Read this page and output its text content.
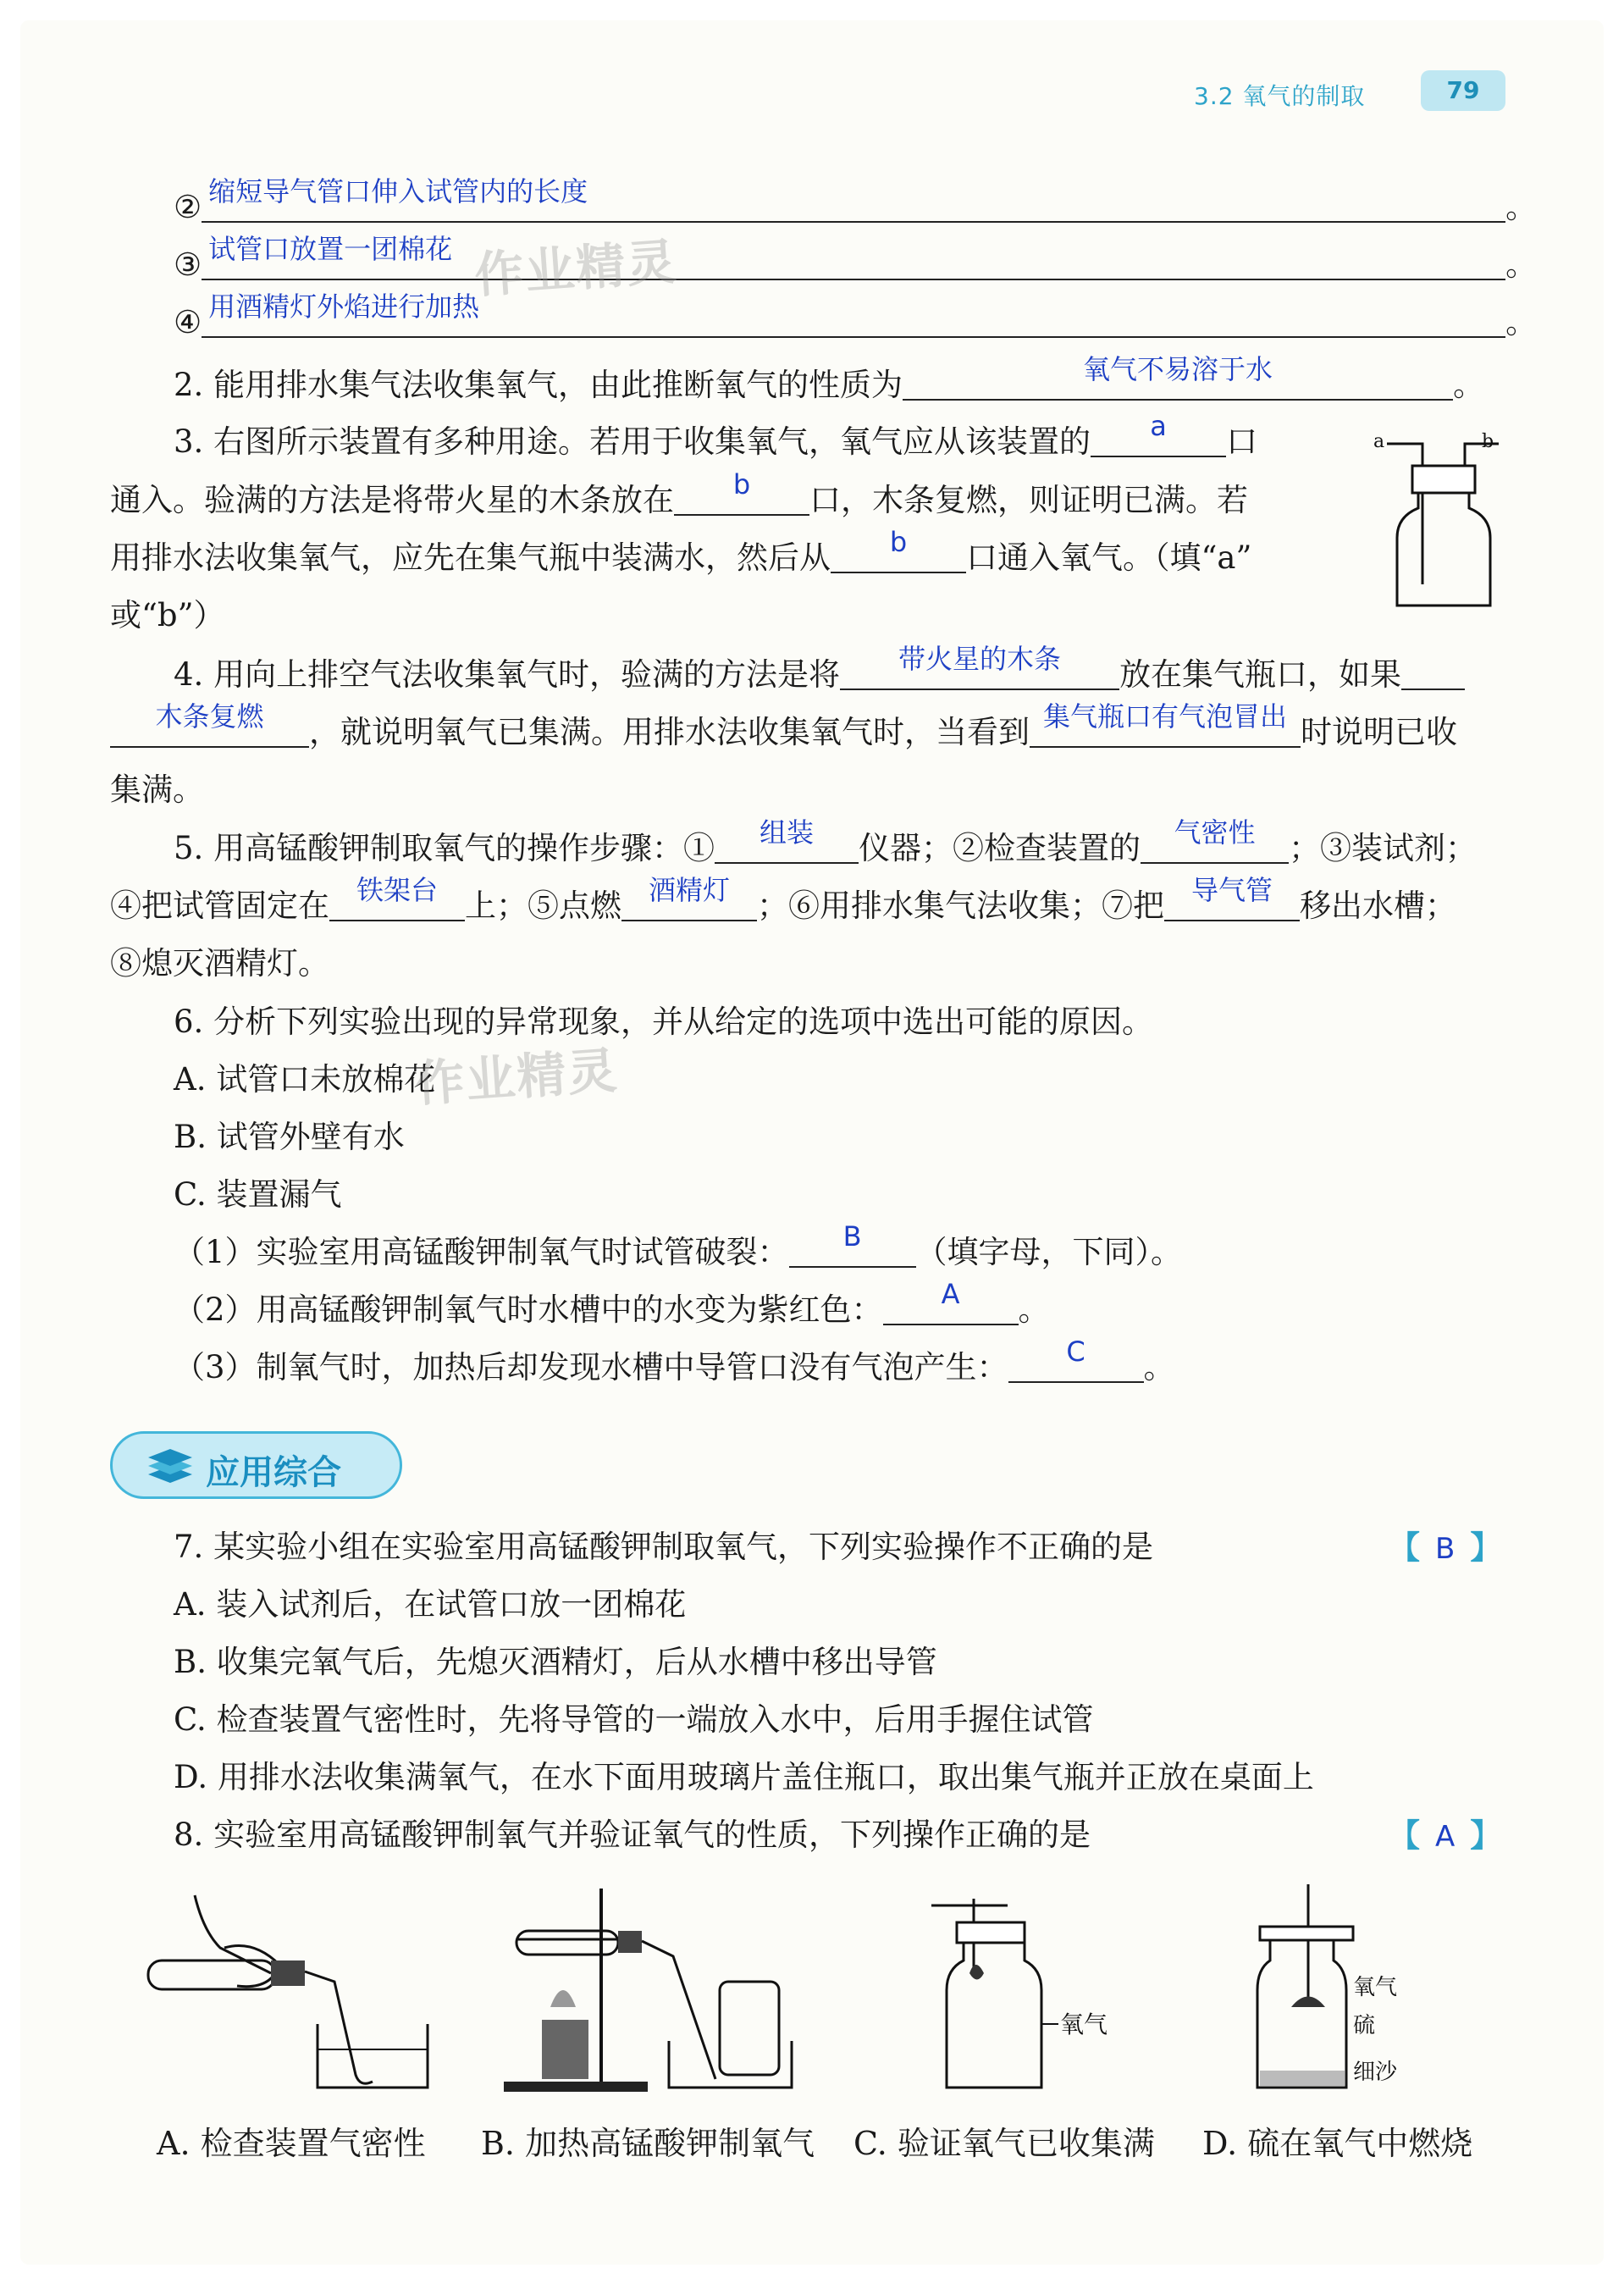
3.2 氧气的制取	79
② 缩短导气管口伸入试管内的长度	。
③ 试管口放置一团棉花	。
④ 用酒精灯外焰进行加热	。
作业精灵
2. 能用排水集气法收集氧气，由此推断氧气的性质为	氧气不易溶于水	。
3. 右图所示装置有多种用途。若用于收集氧气，氧气应从该装置的	a	口
通入。验满的方法是将带火星的木条放在	b	口，木条复燃，则证明已满。若
用排水法收集氧气，应先在集气瓶中装满水，然后从	b	口通入氧气。（填“a”
或“b”）
a	b
4. 用向上排空气法收集氧气时，验满的方法是将	带火星的木条	放在集气瓶口，如果
木条复燃	，就说明氧气已集满。用排水法收集氧气时，当看到 集气瓶口有气泡冒出 时说明已收
集满。
5. 用高锰酸钾制取氧气的操作步骤：①	组装	仪器；②检查装置的	气密性	；③装试剂；
④把试管固定在 铁架台 上；⑤点燃 酒精灯 ；⑥用排水集气法收集；⑦把 导气管 移出水槽；
⑧熄灭酒精灯。
6. 分析下列实验出现的异常现象，并从给定的选项中选出可能的原因。
A. 试管口未放棉花
B. 试管外壁有水
C. 装置漏气
作业精灵
（1）实验室用高锰酸钾制氧气时试管破裂：	B	（填字母，下同）。
（2）用高锰酸钾制氧气时水槽中的水变为紫红色：	A	。
（3）制氧气时，加热后却发现水槽中导管口没有气泡产生：	C	。
应用综合
7. 某实验小组在实验室用高锰酸钾制取氧气，下列实验操作不正确的是	【 B 】
A. 装入试剂后，在试管口放一团棉花
B. 收集完氧气后，先熄灭酒精灯，后从水槽中移出导管
C. 检查装置气密性时，先将导管的一端放入水中，后用手握住试管
D. 用排水法收集满氧气，在水下面用玻璃片盖住瓶口，取出集气瓶并正放在桌面上
8. 实验室用高锰酸钾制氧气并验证氧气的性质，下列操作正确的是	【 A 】
氧气
氧气
硫
细沙
A. 检查装置气密性 B. 加热高锰酸钾制氧气 C. 验证氧气已收集满 D. 硫在氧气中燃烧
